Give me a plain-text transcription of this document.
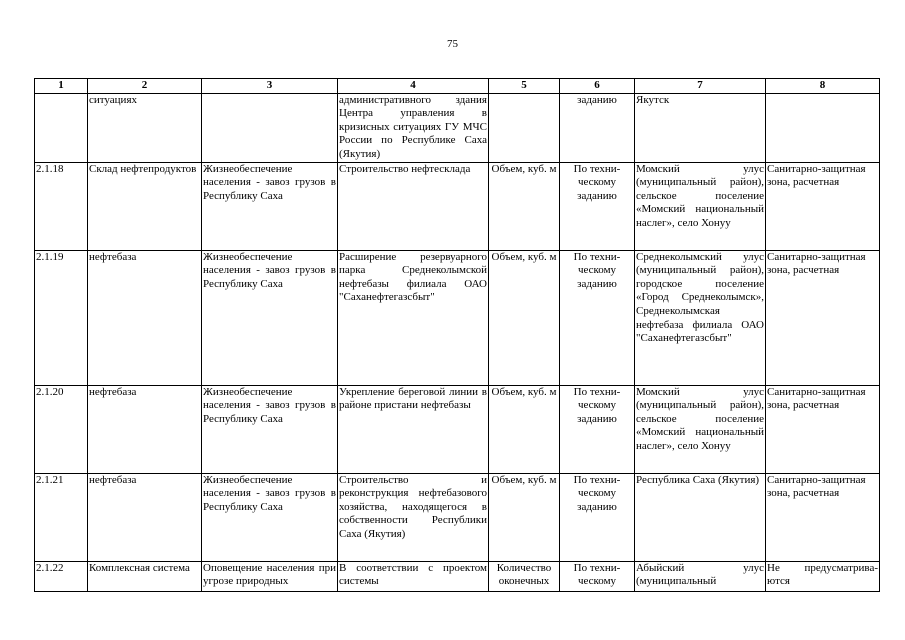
75
1	2	3	4	5	6	7	8
	ситуациях		административного здания Центра управления в кризисных ситуациях ГУ МЧС России по Республике Саха (Якутия)		заданию	Якутск	
2.1.18	Склад нефтепродуктов	Жизнеобеспечение населения - завоз грузов в Республику Саха	Строительство нефтесклада	Объем, куб. м	По техни-ческому заданию	Момский улус (муниципальный район), сельское поселение «Момский национальный наслег», село Хонуу	Санитарно-защитная зона, расчетная
2.1.19	нефтебаза	Жизнеобеспечение населения - завоз грузов в Республику Саха	Расширение резервуарного парка Среднеколымской нефтебазы филиала ОАО "Саханефтегазсбыт"	Объем, куб. м	По техни-ческому заданию	Среднеколымский улус (муниципальный район), городское поселение «Город Среднеколымск», Среднеколымская нефтебаза филиала ОАО "Саханефтегазсбыт"	Санитарно-защитная зона, расчетная
2.1.20	нефтебаза	Жизнеобеспечение населения - завоз грузов в Республику Саха	Укрепление береговой линии в районе пристани нефтебазы	Объем, куб. м	По техни-ческому заданию	Момский улус (муниципальный район), сельское поселение «Момский национальный наслег», село Хонуу	Санитарно-защитная зона, расчетная
2.1.21	нефтебаза	Жизнеобеспечение населения - завоз грузов в Республику Саха	Строительство и реконструкция нефтебазового хозяйства, находящегося в собственности Республики Саха (Якутия)	Объем, куб. м	По техни-ческому заданию	Республика Саха (Якутия)	Санитарно-защитная зона, расчетная
2.1.22	Комплексная система	Оповещение населения при угрозе природных	В соответствии с проектом системы	Количество оконечных	По техни-ческому	Абыйский улус (муниципальный	Не предусматрива-ются
